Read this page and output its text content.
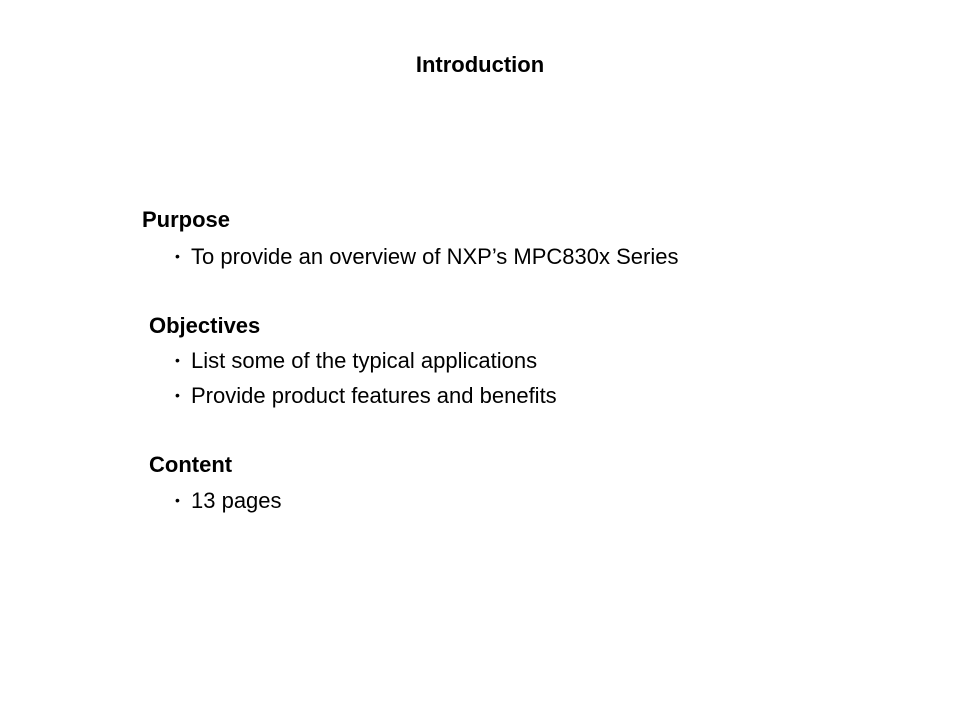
Introduction
Purpose
• To provide an overview of NXP’s MPC830x Series
Objectives
• List some of the typical applications
• Provide product features and benefits
Content
• 13 pages
